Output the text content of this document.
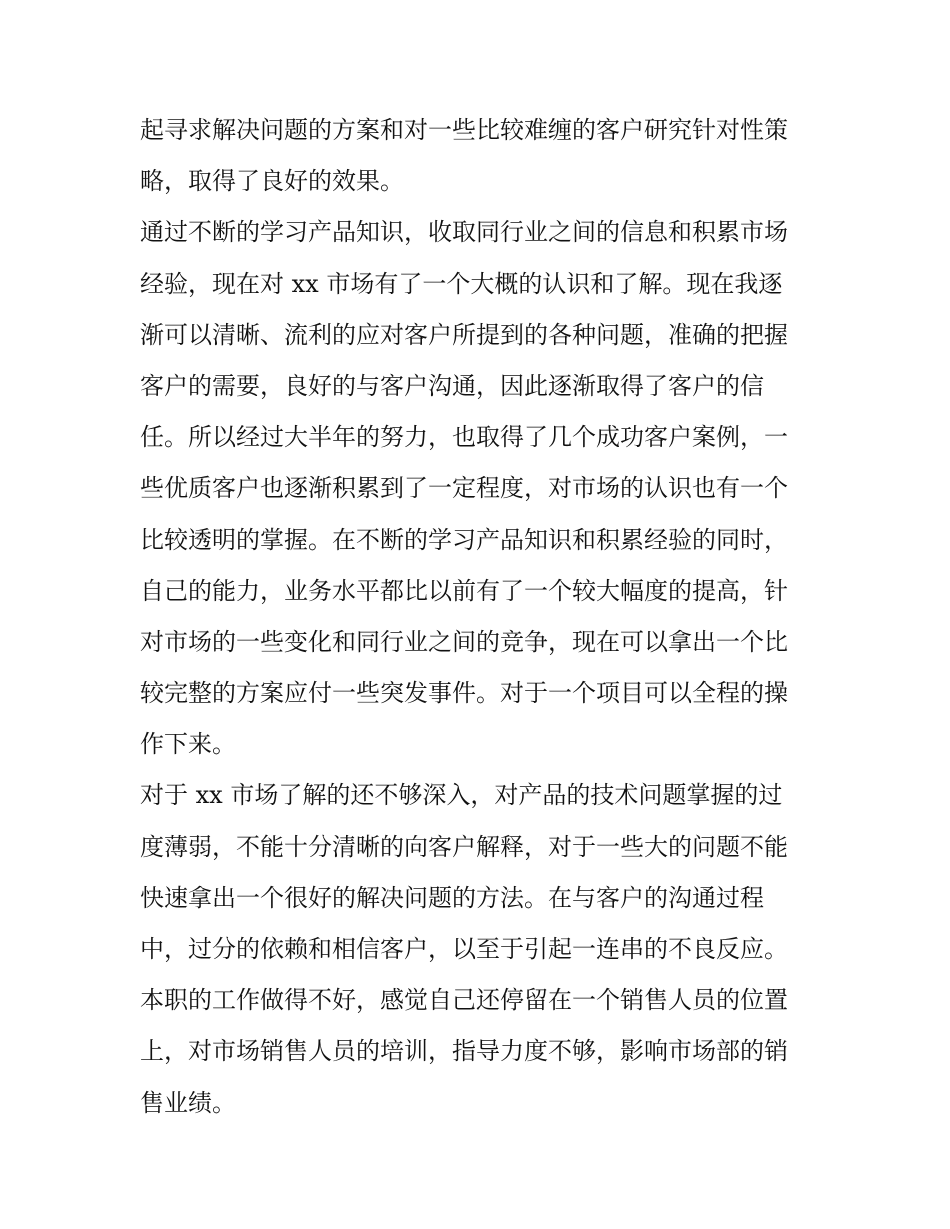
起寻求解决问题的方案和对一些比较难缠的客户研究针对性策
略，取得了良好的效果。
通过不断的学习产品知识，收取同行业之间的信息和积累市场
经验，现在对 xx 市场有了一个大概的认识和了解。现在我逐
渐可以清晰、流利的应对客户所提到的各种问题，准确的把握
客户的需要，良好的与客户沟通，因此逐渐取得了客户的信
任。所以经过大半年的努力，也取得了几个成功客户案例，一
些优质客户也逐渐积累到了一定程度，对市场的认识也有一个
比较透明的掌握。在不断的学习产品知识和积累经验的同时，
自己的能力，业务水平都比以前有了一个较大幅度的提高，针
对市场的一些变化和同行业之间的竞争，现在可以拿出一个比
较完整的方案应付一些突发事件。对于一个项目可以全程的操
作下来。
对于 xx 市场了解的还不够深入，对产品的技术问题掌握的过
度薄弱，不能十分清晰的向客户解释，对于一些大的问题不能
快速拿出一个很好的解决问题的方法。在与客户的沟通过程
中，过分的依赖和相信客户，以至于引起一连串的不良反应。
本职的工作做得不好，感觉自己还停留在一个销售人员的位置
上，对市场销售人员的培训，指导力度不够，影响市场部的销
售业绩。
